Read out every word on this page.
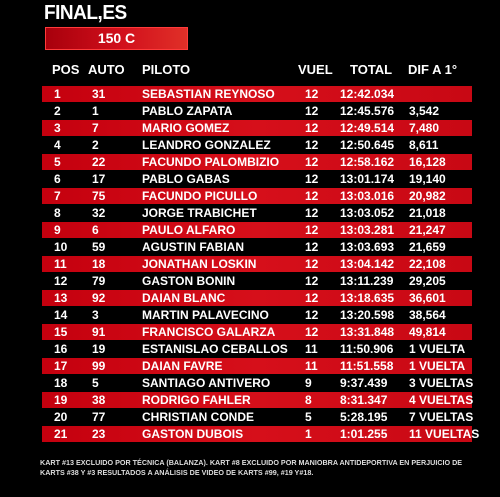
FINAL,ES
150 C
POS AUTO PILOTO	VUEL TOTAL DIF A 1°
1	31	SEBASTIAN REYNOSO	12 12:42.034
2	1	PABLO ZAPATA	12 12:45.576 3,542
3	7	MARIO GOMEZ	12 12:49.514 7,480
4	2	LEANDRO GONZALEZ	12 12:50.645 8,611
5	22	FACUNDO PALOMBIZIO 12 12:58.162 16,128
6	17	PABLO GABAS	12 13:01.174 19,140
7	75	FACUNDO PICULLO	12 13:03.016 20,982
8	32	JORGE TRABICHET	12 13:03.052 21,018
9	6	PAULO ALFARO	12 13:03.281 21,247
10 59	AGUSTIN FABIAN	12 13:03.693 21,659
11 18	JONATHAN LOSKIN	12 13:04.142 22,108
12 79	GASTON BONIN	12 13:11.239 29,205
13 92	DAIAN BLANC	12 13:18.635 36,601
14 3	MARTIN PALAVECINO	12 13:20.598 38,564
15 91	FRANCISCO GALARZA 12 13:31.848 49,814
16 19	ESTANISLAO CEBALLOS 11 11:50.906 1 VUELTA
17 99	DAIAN FAVRE	11 11:51.558 1 VUELTA
18 5	SANTIAGO ANTIVERO	9 9:37.439 3 VUELTAS
19 38	RODRIGO FAHLER	8 8:31.347 4 VUELTAS
20 77	CHRISTIAN CONDE	5 5:28.195 7 VUELTAS
21 23	GASTON DUBOIS	1 1:01.255 11 VUELTAS
KART #13 EXCLUIDO POR TÉCNICA (BALANZA). KART #8 EXCLUIDO POR MANIOBRA ANTIDEPORTIVA EN PERJUICIO DE KARTS #38 Y #3 RESULTADOS A ANÁLISIS DE VIDEO DE KARTS #99, #19 Y#18.
